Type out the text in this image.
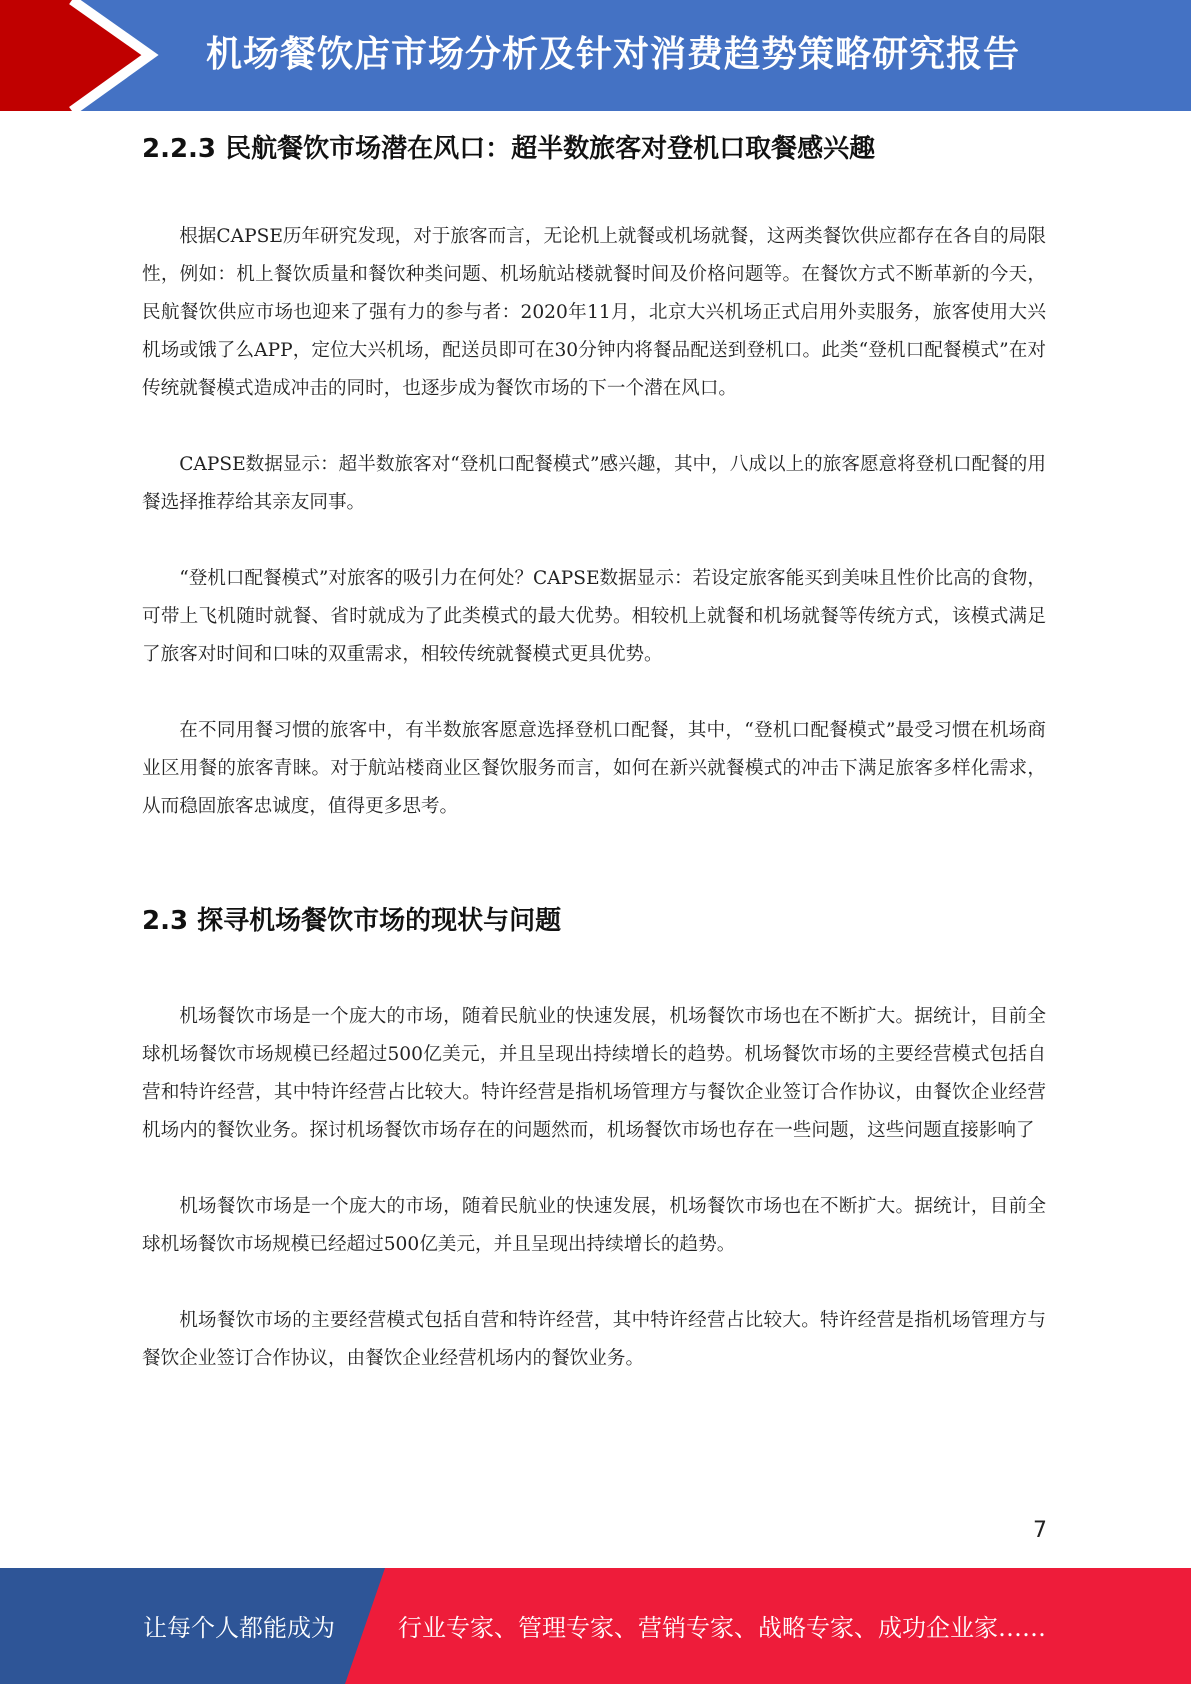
机场餐饮店市场分析及针对消费趋势策略研究报告
2.2.3 民航餐饮市场潜在风口：超半数旅客对登机口取餐感兴趣

根据CAPSE历年研究发现，对于旅客而言，无论机上就餐或机场就餐，这两类餐饮供应都存在各自的局限性，例如：机上餐饮质量和餐饮种类问题、机场航站楼就餐时间及价格问题等。在餐饮方式不断革新的今天，民航餐饮供应市场也迎来了强有力的参与者：2020年11月，北京大兴机场正式启用外卖服务，旅客使用大兴机场或饿了么APP，定位大兴机场，配送员即可在30分钟内将餐品配送到登机口。此类“登机口配餐模式”在对传统就餐模式造成冲击的同时，也逐步成为餐饮市场的下一个潜在风口。

CAPSE数据显示：超半数旅客对“登机口配餐模式”感兴趣，其中，八成以上的旅客愿意将登机口配餐的用餐选择推荐给其亲友同事。

“登机口配餐模式”对旅客的吸引力在何处？CAPSE数据显示：若设定旅客能买到美味且性价比高的食物，可带上飞机随时就餐、省时就成为了此类模式的最大优势。相较机上就餐和机场就餐等传统方式，该模式满足了旅客对时间和口味的双重需求，相较传统就餐模式更具优势。

在不同用餐习惯的旅客中，有半数旅客愿意选择登机口配餐，其中，“登机口配餐模式”最受习惯在机场商业区用餐的旅客青睐。对于航站楼商业区餐饮服务而言，如何在新兴就餐模式的冲击下满足旅客多样化需求，从而稳固旅客忠诚度，值得更多思考。

2.3 探寻机场餐饮市场的现状与问题

机场餐饮市场是一个庞大的市场，随着民航业的快速发展，机场餐饮市场也在不断扩大。据统计，目前全球机场餐饮市场规模已经超过500亿美元，并且呈现出持续增长的趋势。机场餐饮市场的主要经营模式包括自营和特许经营，其中特许经营占比较大。特许经营是指机场管理方与餐饮企业签订合作协议，由餐饮企业经营机场内的餐饮业务。探讨机场餐饮市场存在的问题然而，机场餐饮市场也存在一些问题，这些问题直接影响了

机场餐饮市场是一个庞大的市场，随着民航业的快速发展，机场餐饮市场也在不断扩大。据统计，目前全球机场餐饮市场规模已经超过500亿美元，并且呈现出持续增长的趋势。

机场餐饮市场的主要经营模式包括自营和特许经营，其中特许经营占比较大。特许经营是指机场管理方与餐饮企业签订合作协议，由餐饮企业经营机场内的餐饮业务。

7
让每个人都能成为	行业专家、管理专家、营销专家、战略专家、成功企业家……
